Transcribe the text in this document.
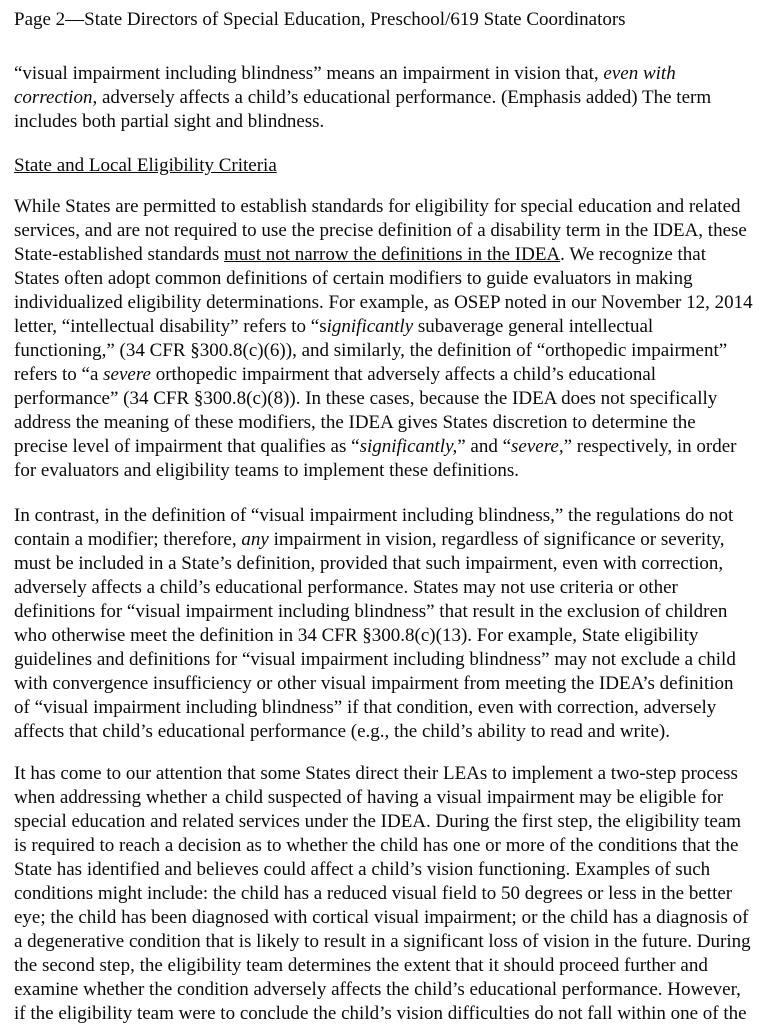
Page 2—State Directors of Special Education, Preschool/619 State Coordinators
“visual impairment including blindness” means an impairment in vision that, even with
correction, adversely affects a child’s educational performance. (Emphasis added) The term
includes both partial sight and blindness.
State and Local Eligibility Criteria
While States are permitted to establish standards for eligibility for special education and related
services, and are not required to use the precise definition of a disability term in the IDEA, these
State-established standards must not narrow the definitions in the IDEA. We recognize that
States often adopt common definitions of certain modifiers to guide evaluators in making
individualized eligibility determinations. For example, as OSEP noted in our November 12, 2014
letter, “intellectual disability” refers to “significantly subaverage general intellectual
functioning,” (34 CFR §300.8(c)(6)), and similarly, the definition of “orthopedic impairment”
refers to “a severe orthopedic impairment that adversely affects a child’s educational
performance” (34 CFR §300.8(c)(8)). In these cases, because the IDEA does not specifically
address the meaning of these modifiers, the IDEA gives States discretion to determine the
precise level of impairment that qualifies as “significantly,” and “severe,” respectively, in order
for evaluators and eligibility teams to implement these definitions.
In contrast, in the definition of “visual impairment including blindness,” the regulations do not
contain a modifier; therefore, any impairment in vision, regardless of significance or severity,
must be included in a State’s definition, provided that such impairment, even with correction,
adversely affects a child’s educational performance. States may not use criteria or other
definitions for “visual impairment including blindness” that result in the exclusion of children
who otherwise meet the definition in 34 CFR §300.8(c)(13). For example, State eligibility
guidelines and definitions for “visual impairment including blindness” may not exclude a child
with convergence insufficiency or other visual impairment from meeting the IDEA’s definition
of “visual impairment including blindness” if that condition, even with correction, adversely
affects that child’s educational performance (e.g., the child’s ability to read and write).
It has come to our attention that some States direct their LEAs to implement a two-step process
when addressing whether a child suspected of having a visual impairment may be eligible for
special education and related services under the IDEA. During the first step, the eligibility team
is required to reach a decision as to whether the child has one or more of the conditions that the
State has identified and believes could affect a child’s vision functioning. Examples of such
conditions might include: the child has a reduced visual field to 50 degrees or less in the better
eye; the child has been diagnosed with cortical visual impairment; or the child has a diagnosis of
a degenerative condition that is likely to result in a significant loss of vision in the future. During
the second step, the eligibility team determines the extent that it should proceed further and
examine whether the condition adversely affects the child’s educational performance. However,
if the eligibility team were to conclude the child’s vision difficulties do not fall within one of the
